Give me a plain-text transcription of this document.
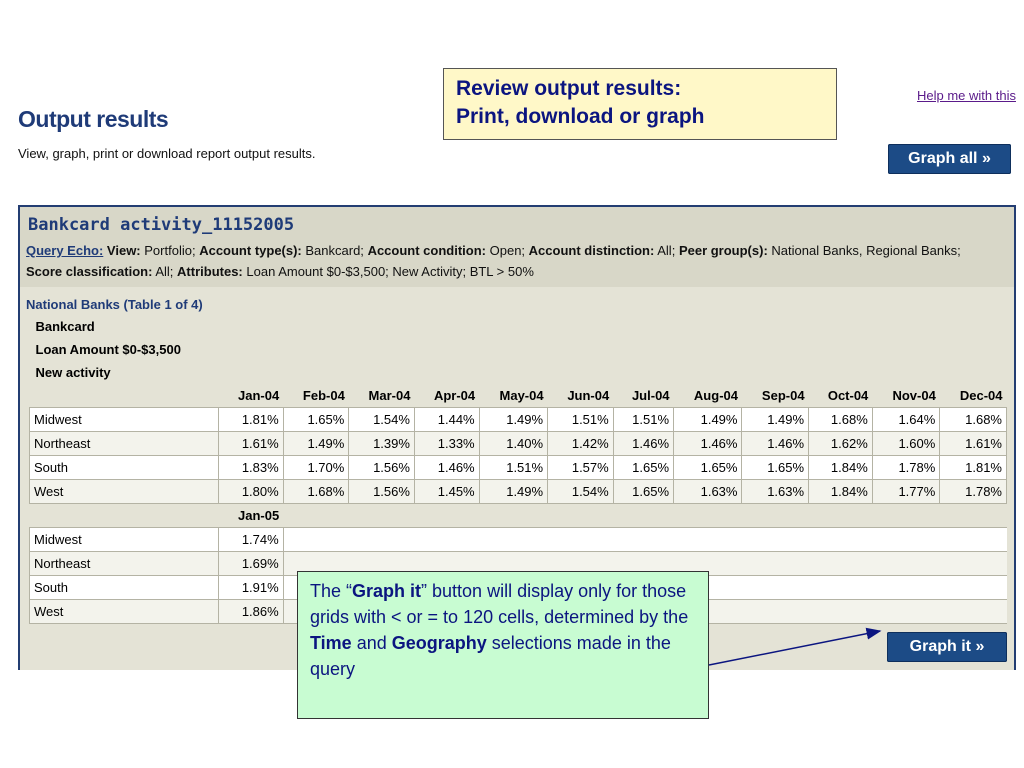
Review output results:
Print, download or graph
Help me with this
Output results
View, graph, print or download report output results.	Graph all »
Bankcard activity_11152005
Query Echo: View: Portfolio; Account type(s): Bankcard; Account condition: Open; Account distinction: All; Peer group(s): National Banks, Regional Banks; Score classification: All; Attributes: Loan Amount $0-$3,500; New Activity; BTL > 50%
National Banks (Table 1 of 4)
Bankcard												
Loan Amount $0-$3,500												
New activity												
	Jan-04	Feb-04	Mar-04	Apr-04	May-04	Jun-04	Jul-04	Aug-04	Sep-04	Oct-04	Nov-04	Dec-04
Midwest	1.81%	1.65%	1.54%	1.44%	1.49%	1.51%	1.51%	1.49%	1.49%	1.68%	1.64%	1.68%
Northeast	1.61%	1.49%	1.39%	1.33%	1.40%	1.42%	1.46%	1.46%	1.46%	1.62%	1.60%	1.61%
South	1.83%	1.70%	1.56%	1.46%	1.51%	1.57%	1.65%	1.65%	1.65%	1.84%	1.78%	1.81%
West	1.80%	1.68%	1.56%	1.45%	1.49%	1.54%	1.65%	1.63%	1.63%	1.84%	1.77%	1.78%
	Jan-05											
Midwest	1.74%											
Northeast	1.69%											
South	1.91%											
West	1.86%											
Graph it »
The “Graph it” button will display only for those grids with < or = to 120 cells, determined by the Time and Geography selections made in the query
